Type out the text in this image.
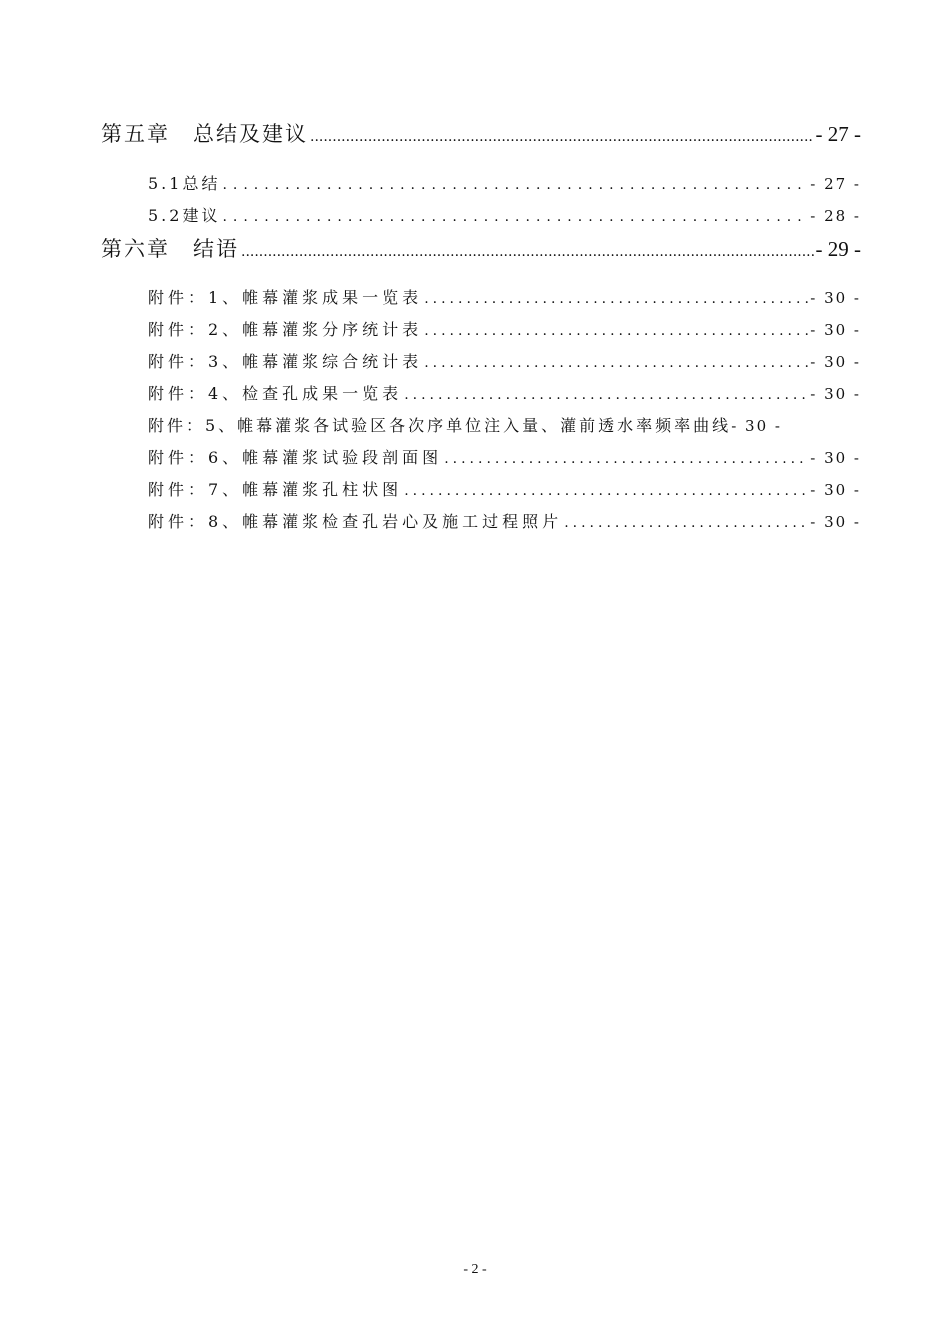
第五章　总结及建议 .....	- 27 -
5.1总结 .....	- 27 -
5.2建议 .....	- 28 -
第六章　结语 .....	- 29 -
附件：1、帷幕灌浆成果一览表 .....	- 30 -
附件：2、帷幕灌浆分序统计表 .....	- 30 -
附件：3、帷幕灌浆综合统计表 .....	- 30 -
附件：4、检查孔成果一览表 .....	- 30 -
附件：5、帷幕灌浆各试验区各次序单位注入量、灌前透水率频率曲线 - 30 -
附件：6、帷幕灌浆试验段剖面图 .....	- 30 -
附件：7、帷幕灌浆孔柱状图 .....	- 30 -
附件：8、帷幕灌浆检查孔岩心及施工过程照片 .....	- 30 -
- 2 -
